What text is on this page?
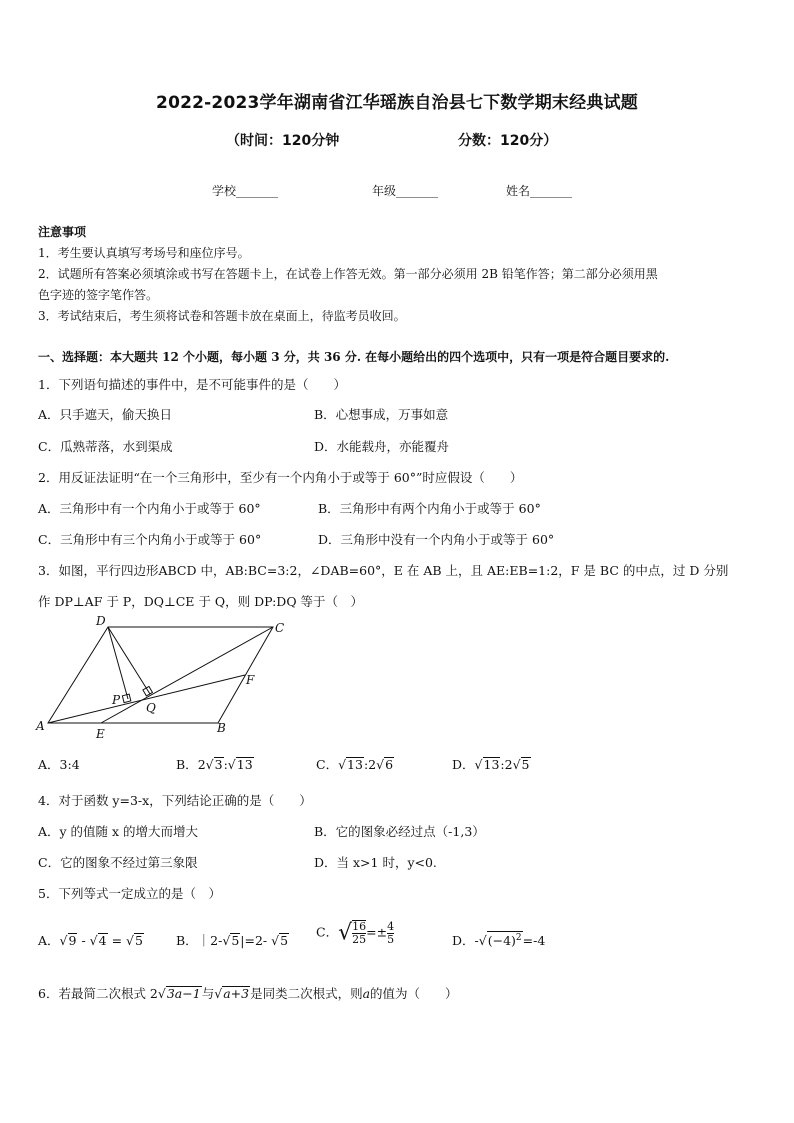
2022-2023学年湖南省江华瑶族自治县七下数学期末经典试题
（时间：120分钟	分数：120分）
学校_______	年级_______	姓名_______
注意事项
1．考生要认真填写考场号和座位序号。
2．试题所有答案必须填涂或书写在答题卡上，在试卷上作答无效。第一部分必须用 2B 铅笔作答；第二部分必须用黑
色字迹的签字笔作答。
3．考试结束后，考生须将试卷和答题卡放在桌面上，待监考员收回。
一、选择题：本大题共 12 个小题，每小题 3 分，共 36 分. 在每小题给出的四个选项中，只有一项是符合题目要求的.
1．下列语句描述的事件中，是不可能事件的是（　　）
A．只手遮天，偷天换日	B．心想事成，万事如意
C．瓜熟蒂落，水到渠成	D．水能载舟，亦能覆舟
2．用反证法证明“在一个三角形中，至少有一个内角小于或等于 60°”时应假设（　　）
A．三角形中有一个内角小于或等于 60°	B．三角形中有两个内角小于或等于 60°
C．三角形中有三个内角小于或等于 60°	D．三角形中没有一个内角小于或等于 60°
3．如图，平行四边形ABCD 中，AB:BC=3:2，∠DAB=60°，E 在 AB 上，且 AE:EB=1:2，F 是 BC 的中点，过 D 分别
作 DP⊥AF 于 P，DQ⊥CE 于 Q，则 DP:DQ 等于（　）
D	C
F
P
Q
A
E	B
A．3:4	B．2√3:√13	C．√13:2√6	D．√13:2√5
4．对于函数 y=3-x，下列结论正确的是（　　）
A．y 的值随 x 的增大而增大	B．它的图象必经过点（-1,3）
C．它的图象不经过第三象限	D．当 x>1 时，y<0.
5．下列等式一定成立的是（　）
A．√9 - √4 = √5	B．｜2-√5|=2- √5
C．√ $\frac{16}{25} =\pm \frac{4}{5}$	D．$-√(-4)^2=-4$
6．若最简二次根式 2√3a−1与√a+3是同类二次根式，则a的值为（　　）
